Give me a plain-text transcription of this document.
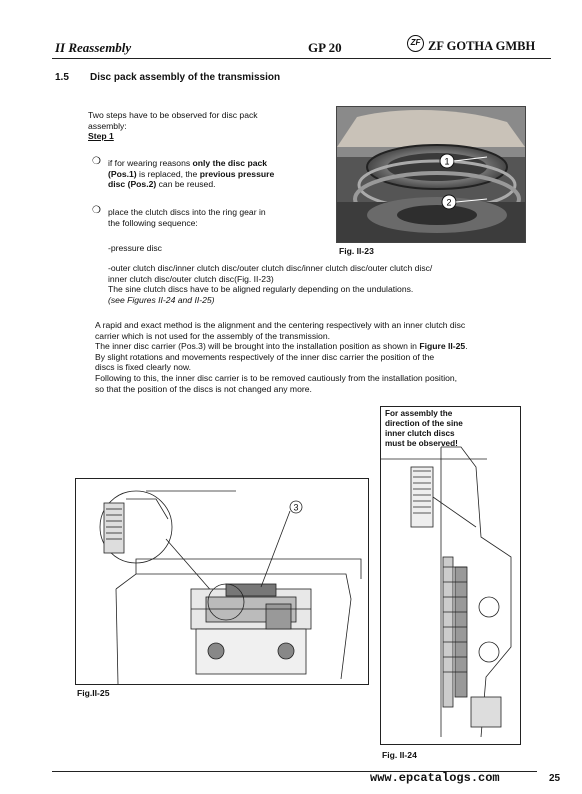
II Reassembly	GP 20	ZF ZF GOTHA GMBH
1.5 Disc pack assembly of the transmission
Two steps have to be observed for disc pack
assembly:
Step 1
❍ if for wearing reasons only the disc pack
(Pos.1) is replaced, the previous pressure
disc (Pos.2) can be reused.
❍ place the clutch discs into the ring gear in
the following sequence:
-pressure disc
1
2
Fig. II-23
-outer clutch disc/inner clutch disc/outer clutch disc/inner clutch disc/outer clutch disc/
inner clutch disc/outer clutch disc(Fig. II-23)
The sine clutch discs have to be aligned regularly depending on the undulations.
(see Figures II-24 and II-25)
A rapid and exact method is the alignment and the centering respectively with an inner clutch disc
carrier which is not used for the assembly of the transmission.
The inner disc carrier (Pos.3) will be brought into the installation position as shown in Figure II-25.
By slight rotations and movements respectively of the inner disc carrier the position of the
discs is fixed clearly now.
Following to this, the inner disc carrier is to be removed cautiously from the installation position,
so that the position of the discs is not changed any more.
3
Fig.II-25
For assembly the
direction of the sine
inner clutch discs
must be observed!
Fig. II-24
www.epcatalogs.com	25
